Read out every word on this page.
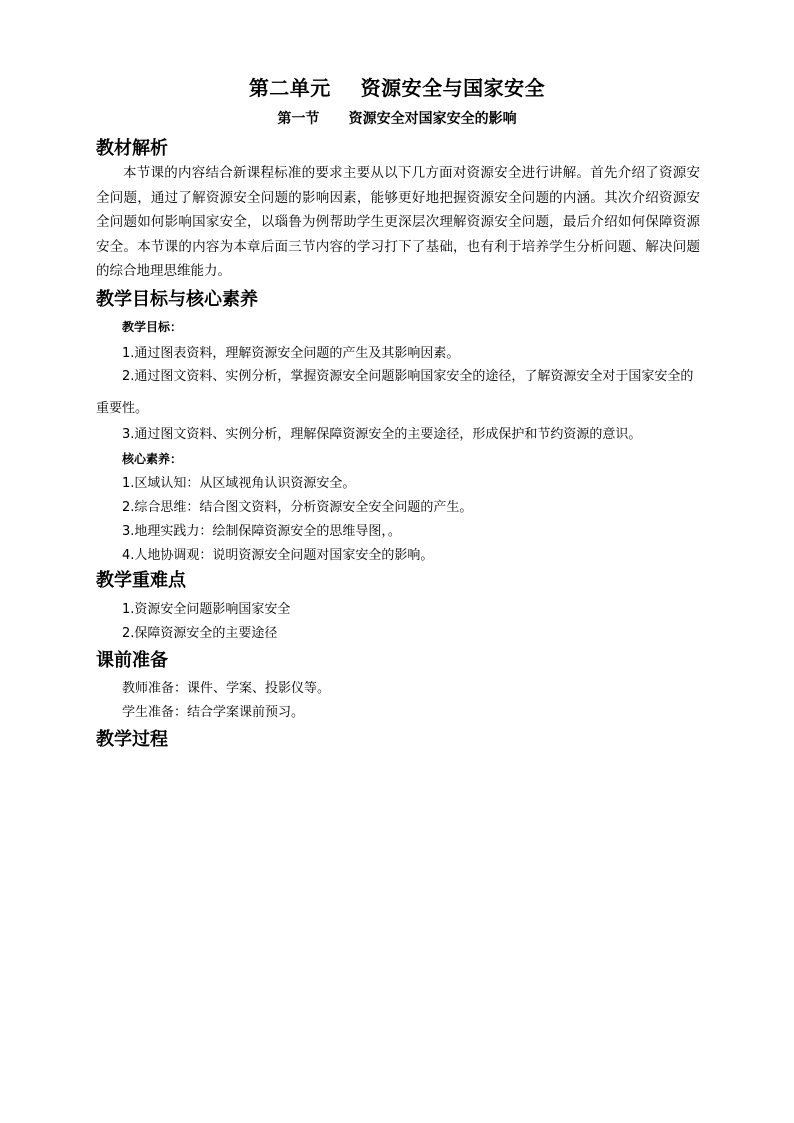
第二单元    资源安全与国家安全
第一节      资源安全对国家安全的影响
教材解析

本节课的内容结合新课程标准的要求主要从以下几方面对资源安全进行讲解。首先介绍了资源安全问题，通过了解资源安全问题的影响因素，能够更好地把握资源安全问题的内涵。其次介绍资源安全问题如何影响国家安全，以瑙鲁为例帮助学生更深层次理解资源安全问题，最后介绍如何保障资源安全。本节课的内容为本章后面三节内容的学习打下了基础，也有利于培养学生分析问题、解决问题的综合地理思维能力。

教学目标与核心素养
教学目标：
1.通过图表资料，理解资源安全问题的产生及其影响因素。

2.通过图文资料、实例分析，掌握资源安全问题影响国家安全的途径，了解资源安全对于国家安全的重要性。

3.通过图文资料、实例分析，理解保障资源安全的主要途径，形成保护和节约资源的意识。
核心素养：
1.区域认知：从区域视角认识资源安全。
2.综合思维：结合图文资料，分析资源安全安全问题的产生。
3.地理实践力：绘制保障资源安全的思维导图，。
4.人地协调观：说明资源安全问题对国家安全的影响。
教学重难点
1.资源安全问题影响国家安全
2.保障资源安全的主要途径
课前准备
教师准备：课件、学案、投影仪等。
学生准备：结合学案课前预习。
教学过程
